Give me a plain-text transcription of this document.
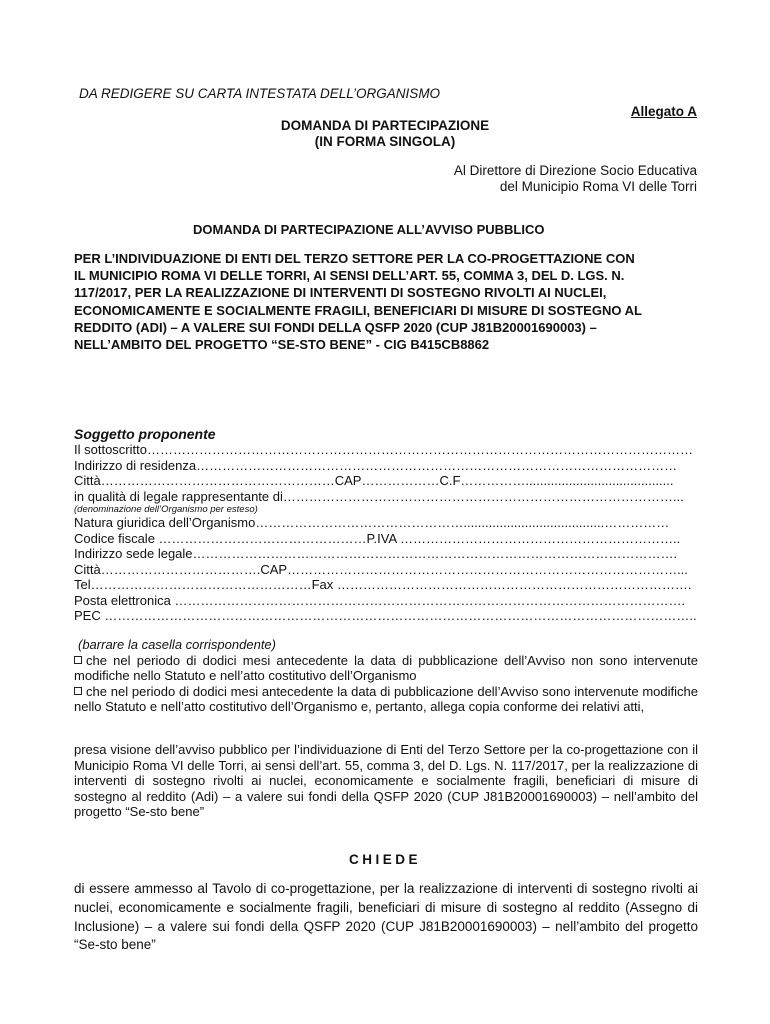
DA REDIGERE SU CARTA INTESTATA DELL’ORGANISMO
Allegato A
DOMANDA DI PARTECIPAZIONE
(IN FORMA SINGOLA)
Al Direttore di Direzione Socio Educativa
del Municipio Roma VI delle Torri
DOMANDA DI PARTECIPAZIONE ALL’AVVISO PUBBLICO
PER L’INDIVIDUAZIONE DI ENTI DEL TERZO SETTORE PER LA CO-PROGETTAZIONE CON
IL MUNICIPIO ROMA VI DELLE TORRI, AI SENSI DELL’ART. 55, COMMA 3, DEL D. LGS. N.
117/2017, PER LA REALIZZAZIONE DI INTERVENTI DI SOSTEGNO RIVOLTI AI NUCLEI,
ECONOMICAMENTE E SOCIALMENTE FRAGILI, BENEFICIARI DI MISURE DI SOSTEGNO AL
REDDITO (ADI) – A VALERE SUI FONDI DELLA QSFP 2020 (CUP J81B20001690003) –
NELL’AMBITO DEL PROGETTO “SE-STO BENE” - CIG B415CB8862
Soggetto proponente
Il sottoscritto………………………………………………………………………………………………………………
Indirizzo di residenza…………………………………………………………………………………………………
Città………………………………………………CAP………………C.F…………….........................................
in qualità di legale rappresentante di………………………………………………………………………………...
(denominazione dell’Organismo per esteso)
Natura giuridica dell’Organismo………………………………………….......................................……………
Codice fiscale …………………………………………P.IVA ………………………………………………………..
Indirizzo sede legale………………………………………………………………………………………………….
Città……………………………….CAP………………………………………………………………………………...
Tel……………………………………………Fax ……………………………………………………………………….
Posta elettronica ……………………………………………………………………………………………………….
PEC ………………………………………………………………………………………………………………………..
(barrare la casella corrispondente)

che nel periodo di dodici mesi antecedente la data di pubblicazione dell’Avviso non sono intervenute modifiche nello Statuto e nell’atto costitutivo dell’Organismo

che nel periodo di dodici mesi antecedente la data di pubblicazione dell’Avviso sono intervenute modifiche nello Statuto e nell’atto costitutivo dell’Organismo e, pertanto, allega copia conforme dei relativi atti,

presa visione dell’avviso pubblico per l’individuazione di Enti del Terzo Settore per la co-progettazione con il Municipio Roma VI delle Torri, ai sensi dell’art. 55, comma 3, del D. Lgs. N. 117/2017, per la realizzazione di interventi di sostegno rivolti ai nuclei, economicamente e socialmente fragili, beneficiari di misure di sostegno al reddito (Adi) – a valere sui fondi della QSFP 2020 (CUP J81B20001690003) – nell’ambito del progetto “Se-sto bene”
CHIEDE
di essere ammesso al Tavolo di co-progettazione, per la realizzazione di interventi di sostegno rivolti ai nuclei, economicamente e socialmente fragili, beneficiari di misure di sostegno al reddito (Assegno di Inclusione) – a valere sui fondi della QSFP 2020 (CUP J81B20001690003) – nell’ambito del progetto “Se-sto bene”
